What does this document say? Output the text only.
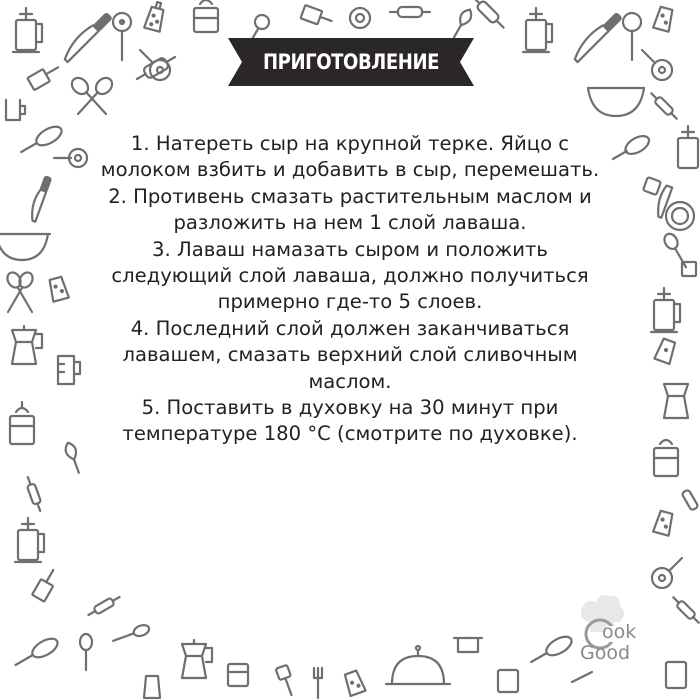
ПРИГОТОВЛЕНИЕ
1. Натереть сыр на крупной терке. Яйцо с молоком взбить и добавить в сыр, перемешать.
2. Противень смазать растительным маслом и разложить на нем 1 слой лаваша.
3. Лаваш намазать сыром и положить следующий слой лаваша, должно получиться примерно где-то 5 слоев.
4. Последний слой должен заканчиваться лавашем, смазать верхний слой сливочным маслом.
5. Поставить в духовку на 30 минут при температуре 180 °С (смотрите по духовке).
ook
Good
